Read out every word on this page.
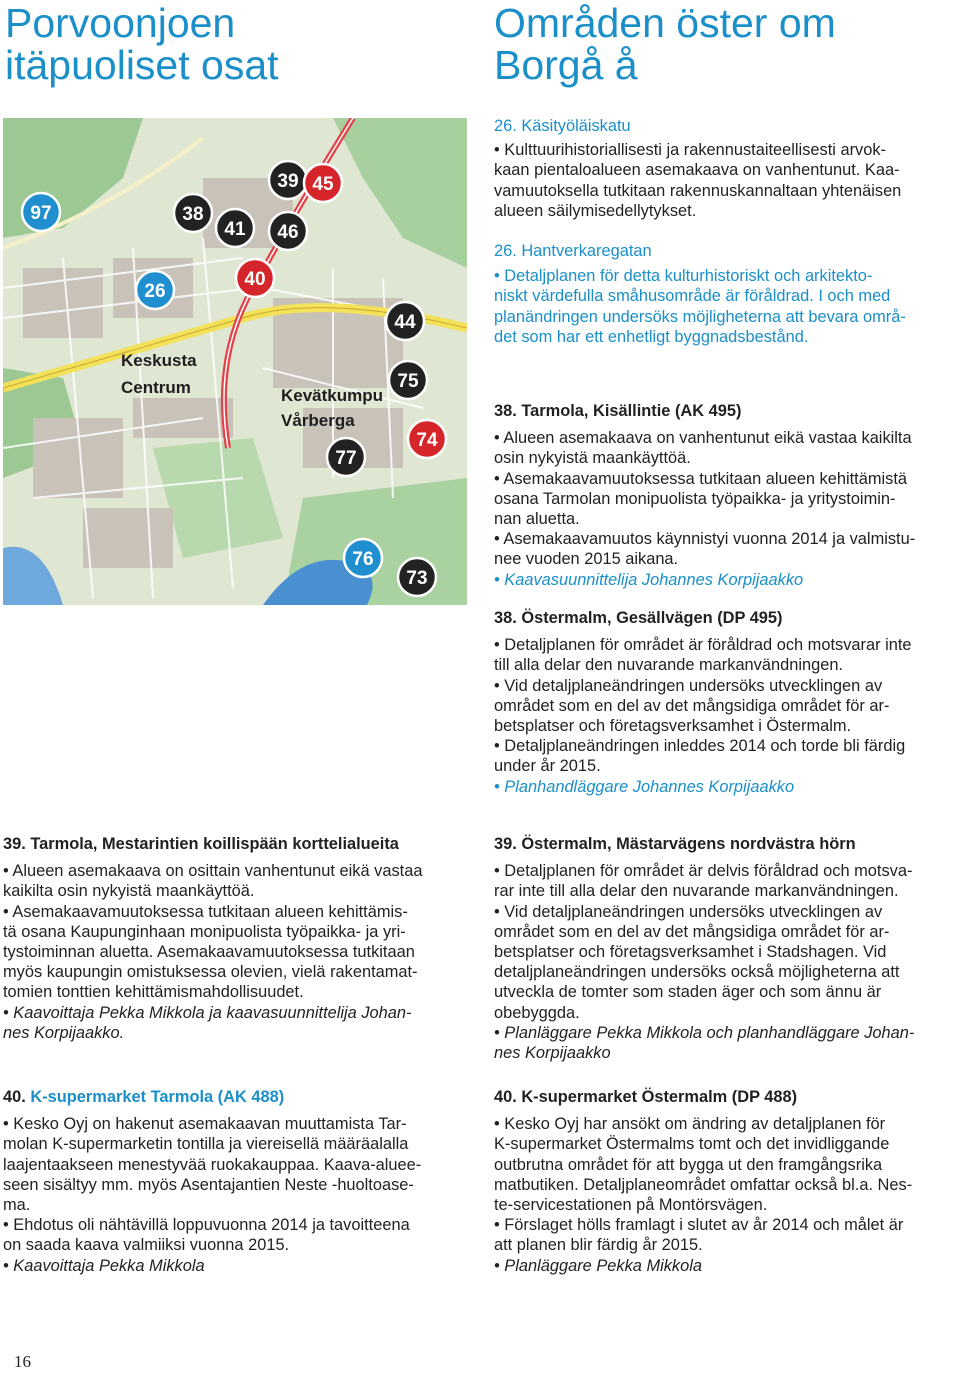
Porvoonjoen
itäpuoliset osat
Områden öster om
Borgå å
Keskusta
Centrum	Kevätkumpu
Vårberga
97	38
39 45
41 46
40
26
44
75
74
77
76
73

26. Käsityöläiskatu

• Kulttuurihistoriallisesti ja rakennustaiteellisesti arvok-

kaan pientaloalueen asemakaava on vanhentunut. Kaa-

vamuutoksella tutkitaan rakennuskannaltaan yhtenäisen

alueen säilymisedellytykset.

26. Hantverkaregatan

• Detaljplanen för detta kulturhistoriskt och arkitekto-

niskt värdefulla småhusområde är föråldrad. I och med

planändringen undersöks möjligheterna att bevara områ-

det som har ett enhetligt byggnadsbestånd.

38. Tarmola, Kisällintie (AK 495)

• Alueen asemakaava on vanhentunut eikä vastaa kaikilta

osin nykyistä maankäyttöä.

• Asemakaavamuutoksessa tutkitaan alueen kehittämistä

osana Tarmolan monipuolista työpaikka- ja yritystoimin-

nan aluetta.

• Asemakaavamuutos käynnistyi vuonna 2014 ja valmistu-

nee vuoden 2015 aikana.

• Kaavasuunnittelija Johannes Korpijaakko

38. Östermalm, Gesällvägen (DP 495)

• Detaljplanen för området är föråldrad och motsvarar inte

till alla delar den nuvarande markanvändningen.

• Vid detaljplaneändringen undersöks utvecklingen av

området som en del av det mångsidiga området för ar-

betsplatser och företagsverksamhet i Östermalm.

• Detaljplaneändringen inleddes 2014 och torde bli färdig

under år 2015.

• Planhandläggare Johannes Korpijaakko

39. Tarmola, Mestarintien koillispään korttelialueita

• Alueen asemakaava on osittain vanhentunut eikä vastaa

kaikilta osin nykyistä maankäyttöä.

• Asemakaavamuutoksessa tutkitaan alueen kehittämis-

tä osana Kaupunginhaan monipuolista työpaikka- ja yri-

tystoiminnan aluetta. Asemakaavamuutoksessa tutkitaan

myös kaupungin omistuksessa olevien, vielä rakentamat-

tomien tonttien kehittämismahdollisuudet.

• Kaavoittaja Pekka Mikkola ja kaavasuunnittelija Johan-

nes Korpijaakko.

39. Östermalm, Mästarvägens nordvästra hörn

• Detaljplanen för området är delvis föråldrad och motsva-

rar inte till alla delar den nuvarande markanvändningen.

• Vid detaljplaneändringen undersöks utvecklingen av

området som en del av det mångsidiga området för ar-

betsplatser och företagsverksamhet i Stadshagen. Vid

detaljplaneändringen undersöks också möjligheterna att

utveckla de tomter som staden äger och som ännu är

obebyggda.

• Planläggare Pekka Mikkola och planhandläggare Johan-

nes Korpijaakko

40. K-supermarket Tarmola (AK 488)

• Kesko Oyj on hakenut asemakaavan muuttamista Tar-

molan K-supermarketin tontilla ja viereisellä määräalalla

laajentaakseen menestyvää ruokakauppaa. Kaava-aluee-

seen sisältyy mm. myös Asentajantien Neste -huoltoase-

ma.

• Ehdotus oli nähtävillä loppuvuonna 2014 ja tavoitteena

on saada kaava valmiiksi vuonna 2015.

• Kaavoittaja Pekka Mikkola

40. K-supermarket Östermalm (DP 488)

• Kesko Oyj har ansökt om ändring av detaljplanen för

K-supermarket Östermalms tomt och det invidliggande

outbrutna området för att bygga ut den framgångsrika

matbutiken. Detaljplaneområdet omfattar också bl.a. Nes-

te-servicestationen på Montörsvägen.

• Förslaget hölls framlagt i slutet av år 2014 och målet är

att planen blir färdig år 2015.

• Planläggare Pekka Mikkola

16
